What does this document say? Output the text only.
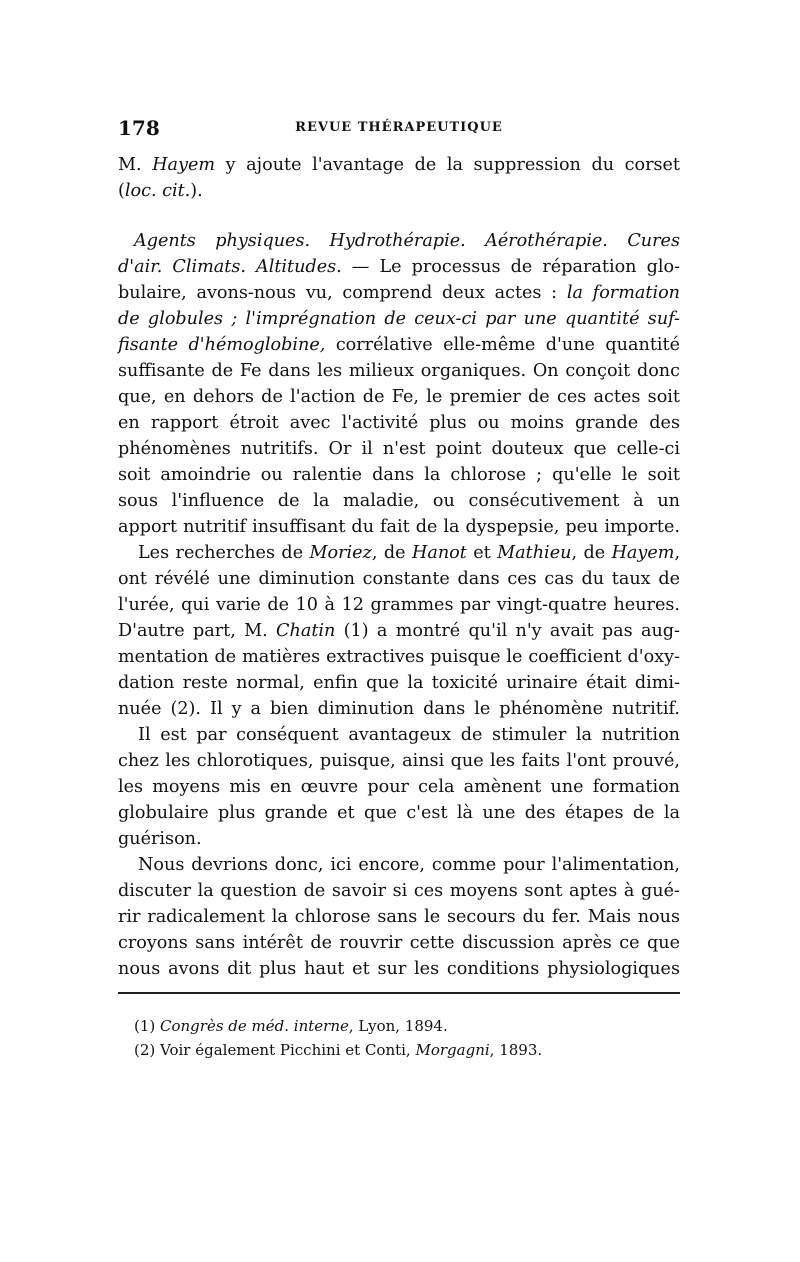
178	REVUE THÉRAPEUTIQUE
M. Hayem y ajoute l'avantage de la suppression du corset
(loc. cit.).
Agents physiques. Hydrothérapie. Aérothérapie. Cures
d'air. Climats. Altitudes. — Le processus de réparation glo-
bulaire, avons-nous vu, comprend deux actes : la formation
de globules ; l'imprégnation de ceux-ci par une quantité suf-
fisante d'hémoglobine, corrélative elle-même d'une quantité
suffisante de Fe dans les milieux organiques. On conçoit donc
que, en dehors de l'action de Fe, le premier de ces actes soit
en rapport étroit avec l'activité plus ou moins grande des
phénomènes nutritifs. Or il n'est point douteux que celle-ci
soit amoindrie ou ralentie dans la chlorose ; qu'elle le soit
sous l'influence de la maladie, ou consécutivement à un
apport nutritif insuffisant du fait de la dyspepsie, peu importe.
Les recherches de Moriez, de Hanot et Mathieu, de Hayem,
ont révélé une diminution constante dans ces cas du taux de
l'urée, qui varie de 10 à 12 grammes par vingt-quatre heures.
D'autre part, M. Chatin (1) a montré qu'il n'y avait pas aug-
mentation de matières extractives puisque le coefficient d'oxy-
dation reste normal, enfin que la toxicité urinaire était dimi-
nuée (2). Il y a bien diminution dans le phénomène nutritif.
Il est par conséquent avantageux de stimuler la nutrition
chez les chlorotiques, puisque, ainsi que les faits l'ont prouvé,
les moyens mis en œuvre pour cela amènent une formation
globulaire plus grande et que c'est là une des étapes de la
guérison.
Nous devrions donc, ici encore, comme pour l'alimentation,
discuter la question de savoir si ces moyens sont aptes à gué-
rir radicalement la chlorose sans le secours du fer. Mais nous
croyons sans intérêt de rouvrir cette discussion après ce que
nous avons dit plus haut et sur les conditions physiologiques
(1) Congrès de méd. interne, Lyon, 1894.
(2) Voir également Picchini et Conti, Morgagni, 1893.
